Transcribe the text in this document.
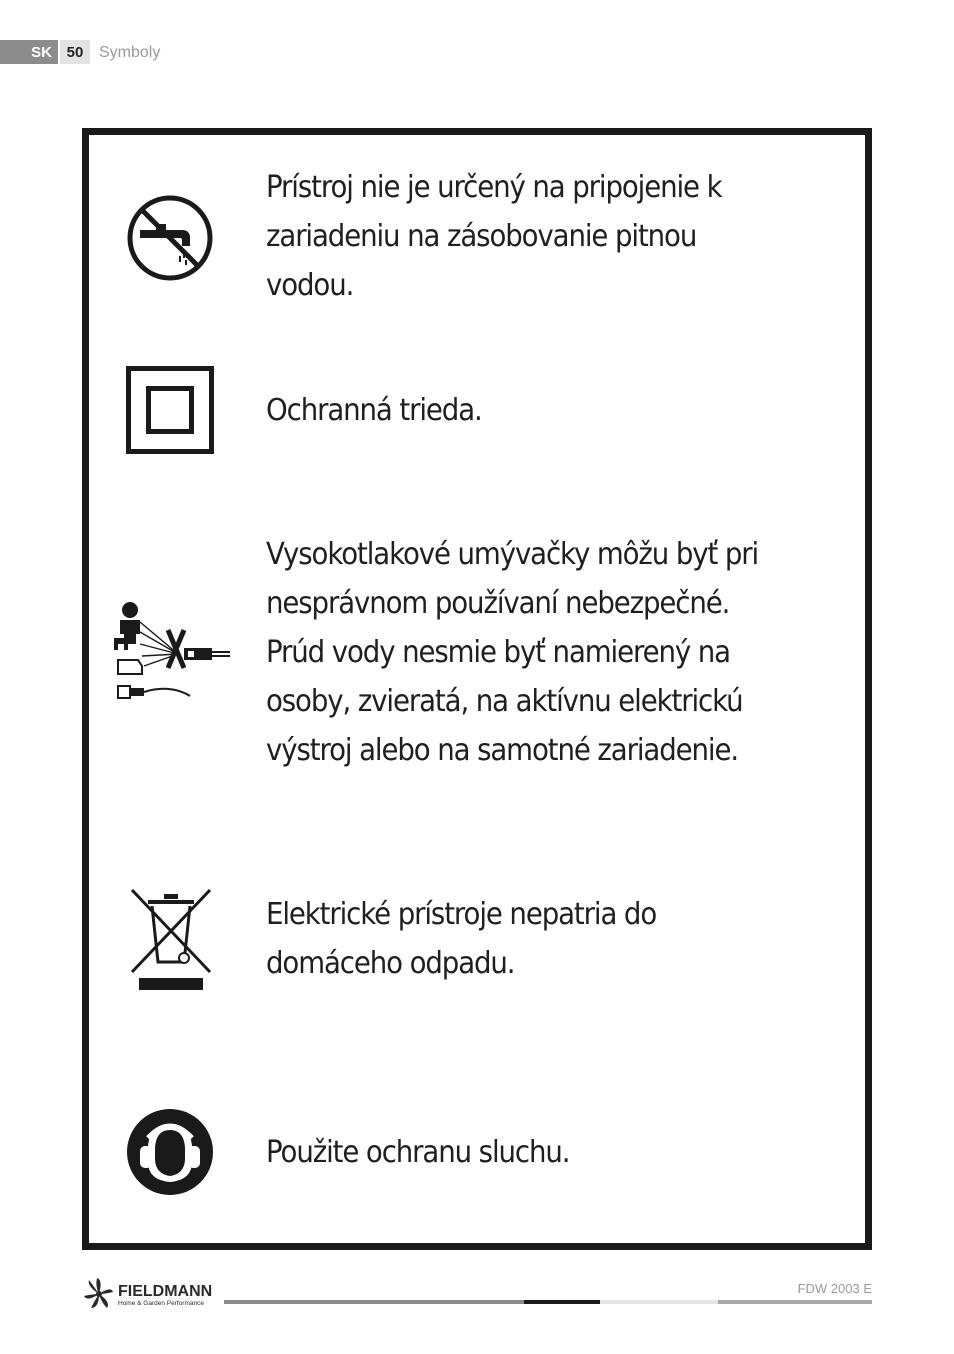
SK 50 Symboly
Prístroj nie je určený na pripojenie k
zariadeniu na zásobovanie pitnou
vodou.
Ochranná trieda.
Vysokotlakové umývačky môžu byť pri
nesprávnom používaní nebezpečné.
Prúd vody nesmie byť namierený na
osoby, zvieratá, na aktívnu elektrickú
výstroj alebo na samotné zariadenie.
Elektrické prístroje nepatria do
domáceho odpadu.
Použite ochranu sluchu.
FIELDMANN
Home & Garden Performance
FDW 2003 E
